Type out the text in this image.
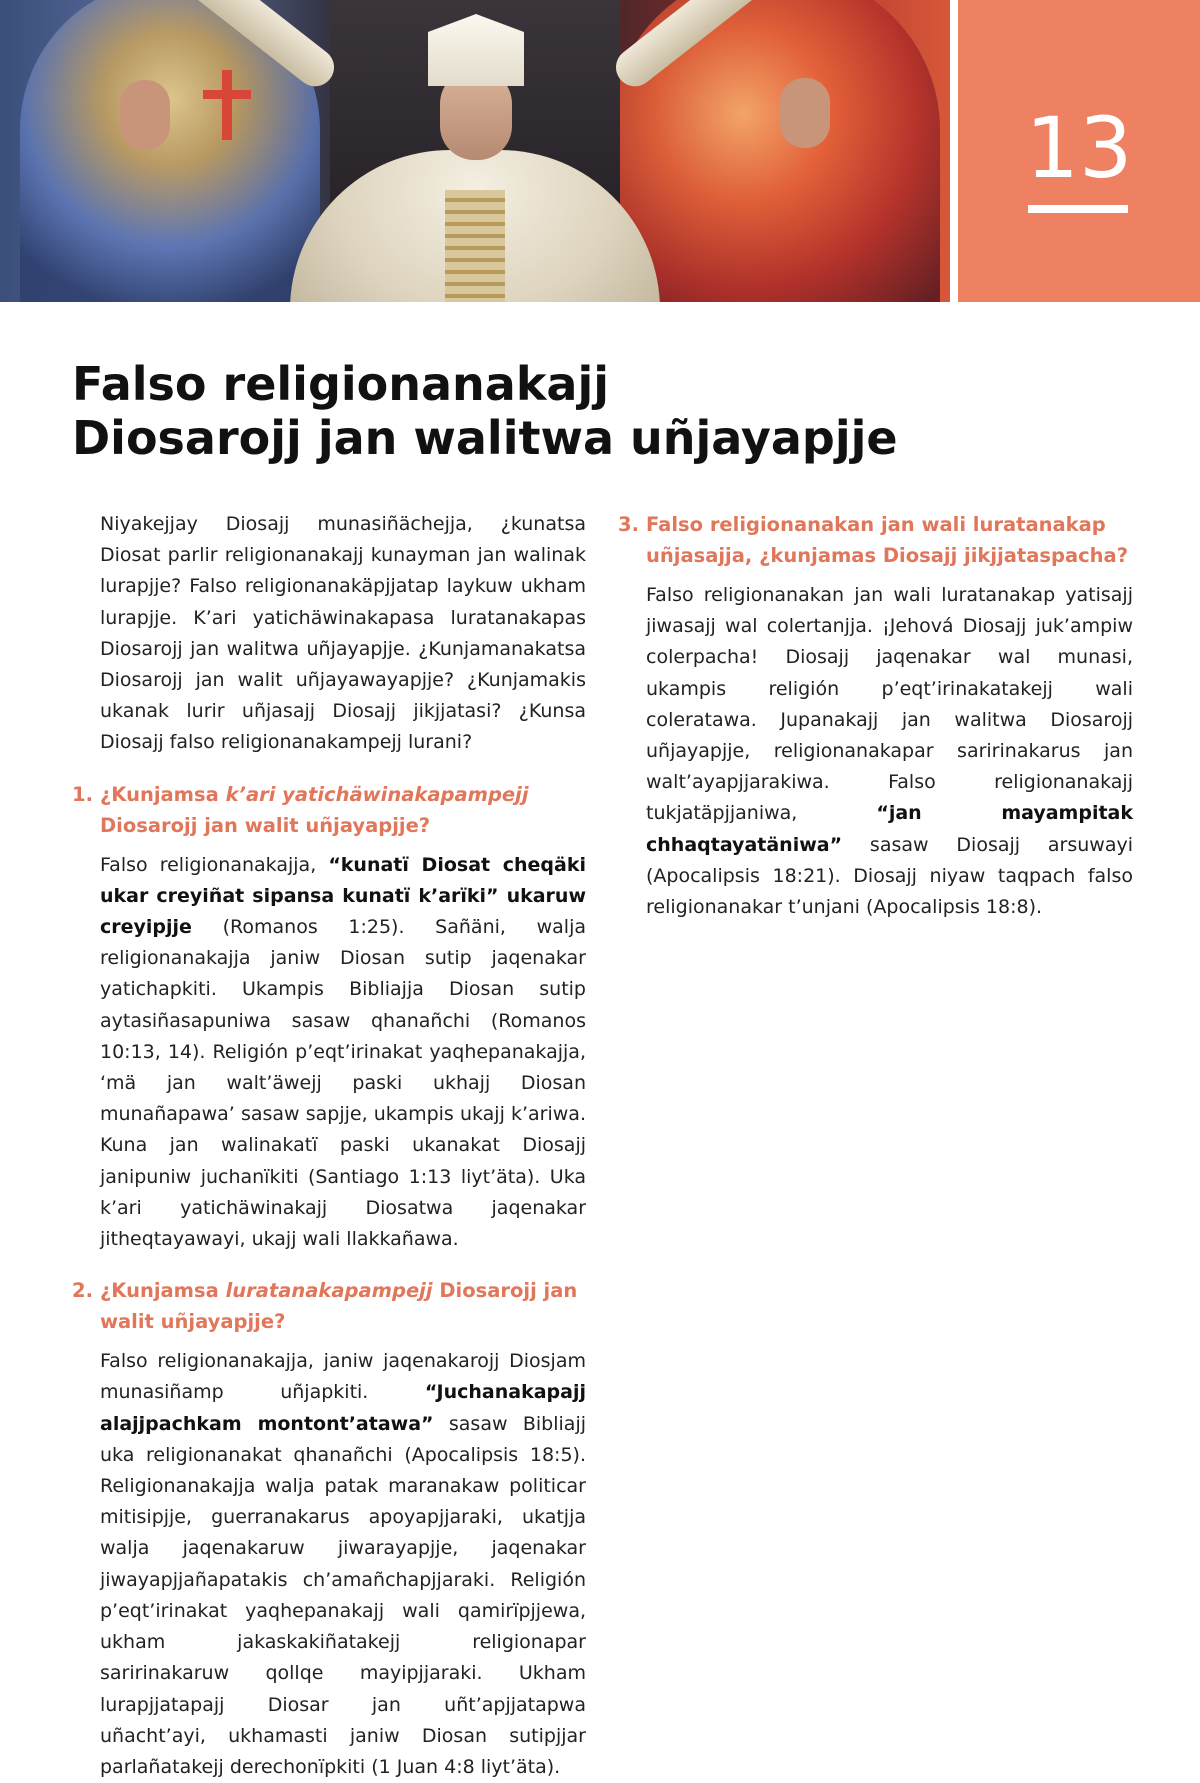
13
Falso religionanakajj
Diosarojj jan walitwa uñjayapjje

Niyakejjay Diosajj munasiñächejja, ¿kunatsa Diosat parlir religionanakajj kunayman jan walinak lurapjje? Falso religionanakäpjjatap laykuw ukham lurapjje. K’ari yatichäwinakapasa luratanakapas Diosarojj jan walitwa uñjayapjje. ¿Kunjamanakatsa Diosarojj jan walit uñjayawayapjje? ¿Kunjamakis ukanak lurir uñjasajj Diosajj jikjjatasi? ¿Kunsa Diosajj falso religionanakampejj lurani?

1. ¿Kunjamsa k’ari yatichäwinakapampejj Diosarojj jan walit uñjayapjje?

Falso religionanakajja, “kunatï Diosat cheqäki ukar creyiñat sipansa kunatï k’arïki” ukaruw creyipjje (Romanos 1:25). Sañäni, walja religionanakajja janiw Diosan sutip jaqenakar yatichapkiti. Ukampis Bibliajja Diosan sutip aytasiñasapuniwa sasaw qhanañchi (Romanos 10:13, 14). Religión p’eqt’irinakat yaqhepanakajja, ‘mä jan walt’äwejj paski ukhajj Diosan munañapawa’ sasaw sapjje, ukampis ukajj k’ariwa. Kuna jan walinakatï paski ukanakat Diosajj janipuniw juchanïkiti (Santiago 1:13 liyt’äta). Uka k’ari yatichäwinakajj Diosatwa jaqenakar jitheqtayawayi, ukajj wali llakkañawa.

2. ¿Kunjamsa luratanakapampejj Diosarojj jan walit uñjayapjje?

Falso religionanakajja, janiw jaqenakarojj Diosjam munasiñamp uñjapkiti. “Juchanakapajj alajjpachkam montont’atawa” sasaw Bibliajj uka religionanakat qhanañchi (Apocalipsis 18:5). Religionanakajja walja patak maranakaw politicar mitisipjje, guerranakarus apoyapjjaraki, ukatjja walja jaqenakaruw jiwarayapjje, jaqenakar jiwayapjjañapatakis ch’amañchapjjaraki. Religión p’eqt’irinakat yaqhepanakajj wali qamirïpjjewa, ukham jakaskakiñatakejj religionapar saririnakaruw qollqe mayipjjaraki. Ukham lurapjjatapajj Diosar jan uñt’apjjatapwa uñacht’ayi, ukhamasti janiw Diosan sutipjjar parlañatakejj derechonïpkiti (1 Juan 4:8 liyt’äta).

3. Falso religionanakan jan wali luratanakap uñjasajja, ¿kunjamas Diosajj jikjjataspacha?

Falso religionanakan jan wali luratanakap yatisajj jiwasajj wal colertanjja. ¡Jehová Diosajj juk’ampiw colerpacha! Diosajj jaqenakar wal munasi, ukampis religión p’eqt’irinakatakejj wali coleratawa. Jupanakajj jan walitwa Diosarojj uñjayapjje, religionanakapar saririnakarus jan walt’ayapjjarakiwa. Falso religionanakajj tukjatäpjjaniwa, “jan mayampitak chhaqtayatäniwa” sasaw Diosajj arsuwayi (Apocalipsis 18:21). Diosajj niyaw taqpach falso religionanakar t’unjani (Apocalipsis 18:8).
